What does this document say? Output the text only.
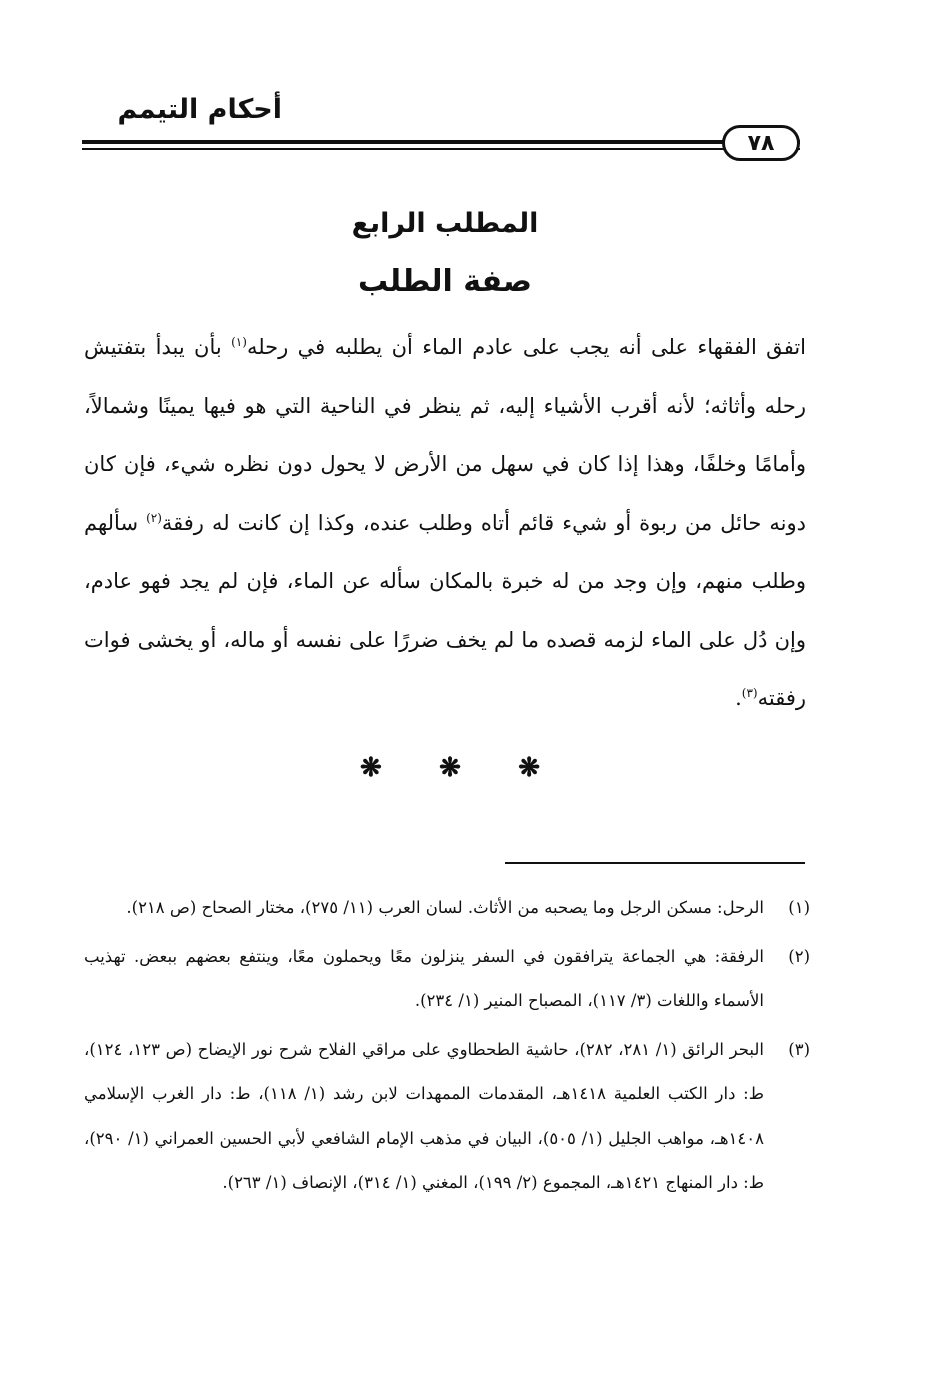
أحكام التيمم
٧٨
المطلب الرابع
صفة الطلب
اتفق الفقهاء على أنه يجب على عادم الماء أن يطلبه في رحله$^{(١)}$ بأن يبدأ بتفتيش رحله وأثاثه؛ لأنه أقرب الأشياء إليه، ثم ينظر في الناحية التي هو فيها يمينًا وشمالاً، وأمامًا وخلفًا، وهذا إذا كان في سهل من الأرض لا يحول دون نظره شيء، فإن كان دونه حائل من ربوة أو شيء قائم أتاه وطلب عنده، وكذا إن كانت له رفقة$^{(٢)}$ سألهم وطلب منهم، وإن وجد من له خبرة بالمكان سأله عن الماء، فإن لم يجد فهو عادم، وإن دُل على الماء لزمه قصده ما لم يخف ضررًا على نفسه أو ماله، أو يخشى فوات رفقته$^{(٣)}$.
❋ ❋ ❋
(١)
الرحل: مسكن الرجل وما يصحبه من الأثاث. لسان العرب (١١/ ٢٧٥)، مختار الصحاح (ص ٢١٨).
(٢)
الرفقة: هي الجماعة يترافقون في السفر ينزلون معًا ويحملون معًا، وينتفع بعضهم ببعض. تهذيب الأسماء واللغات (٣/ ١١٧)، المصباح المنير (١/ ٢٣٤).
(٣)
البحر الرائق (١/ ٢٨١، ٢٨٢)، حاشية الطحطاوي على مراقي الفلاح شرح نور الإيضاح (ص ١٢٣، ١٢٤)، ط: دار الكتب العلمية ١٤١٨هـ، المقدمات الممهدات لابن رشد (١/ ١١٨)، ط: دار الغرب الإسلامي ١٤٠٨هـ، مواهب الجليل (١/ ٥٠٥)، البيان في مذهب الإمام الشافعي لأبي الحسين العمراني (١/ ٢٩٠)، ط: دار المنهاج ١٤٢١هـ، المجموع (٢/ ١٩٩)، المغني (١/ ٣١٤)، الإنصاف (١/ ٢٦٣).
